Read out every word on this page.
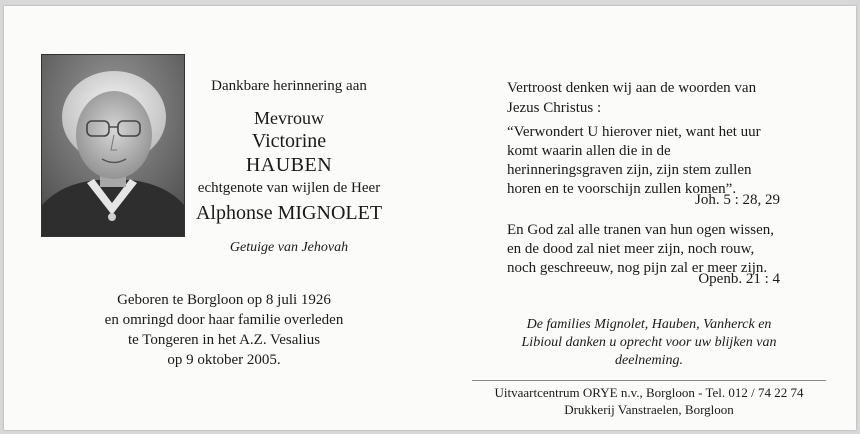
Dankbare herinnering aan
Mevrouw
Victorine
HAUBEN
echtgenote van wijlen de Heer
Alphonse MIGNOLET
Getuige van Jehovah
Geboren te Borgloon op 8 juli 1926
en omringd door haar familie overleden
te Tongeren in het A.Z. Vesalius
op 9 oktober 2005.
Vertroost denken wij aan de woorden van
Jezus Christus :
“Verwondert U hierover niet, want het uur
komt waarin allen die in de
herinneringsgraven zijn, zijn stem zullen
horen en te voorschijn zullen komen”.
Joh. 5 : 28, 29
En God zal alle tranen van hun ogen wissen,
en de dood zal niet meer zijn, noch rouw,
noch geschreeuw, nog pijn zal er meer zijn.
Openb. 21 : 4
De families Mignolet, Hauben, Vanherck en
Libioul danken u oprecht voor uw blijken van
deelneming.
Uitvaartcentrum ORYE n.v., Borgloon - Tel. 012 / 74 22 74
Drukkerij Vanstraelen, Borgloon
